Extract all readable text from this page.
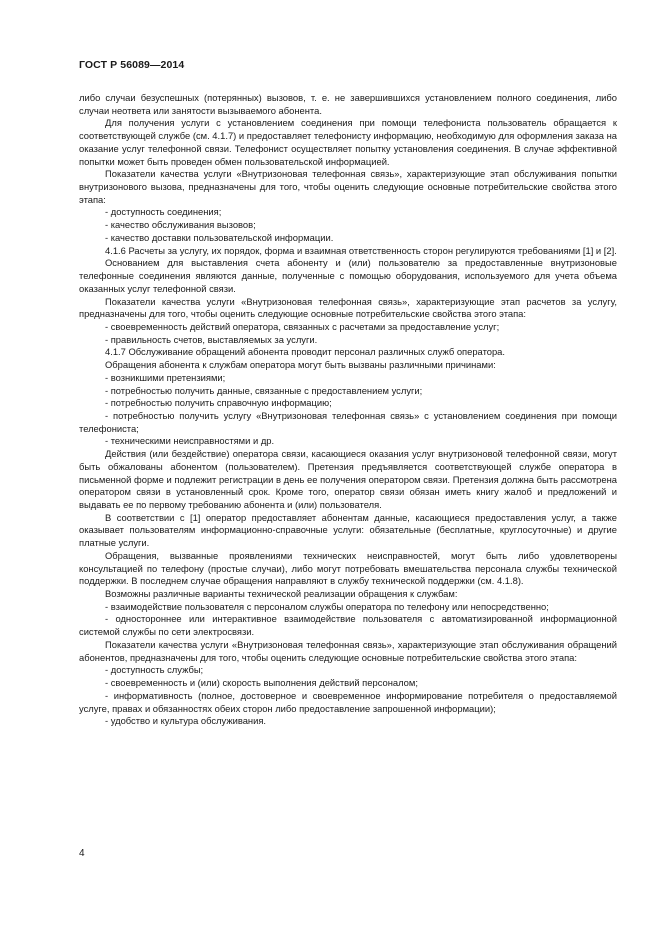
ГОСТ Р 56089—2014

либо случаи безуспешных (потерянных) вызовов, т. е. не завершившихся установлением полного соединения, либо случаи неответа или занятости вызываемого абонента.

Для получения услуги с установлением соединения при помощи телефониста пользователь обращается к соответствующей службе (см. 4.1.7) и предоставляет телефонисту информацию, необходимую для оформления заказа на оказание услуг телефонной связи. Телефонист осуществляет попытку установления соединения. В случае эффективной попытки может быть проведен обмен пользовательской информацией.

Показатели качества услуги «Внутризоновая телефонная связь», характеризующие этап обслуживания попытки внутризонового вызова, предназначены для того, чтобы оценить следующие основные потребительские свойства этого этапа:

- доступность соединения;

- качество обслуживания вызовов;

- качество доставки пользовательской информации.

4.1.6 Расчеты за услугу, их порядок, форма и взаимная ответственность сторон регулируются требованиями [1] и [2].

Основанием для выставления счета абоненту и (или) пользователю за предоставленные внутризоновые телефонные соединения являются данные, полученные с помощью оборудования, используемого для учета объема оказанных услуг телефонной связи.

Показатели качества услуги «Внутризоновая телефонная связь», характеризующие этап расчетов за услугу, предназначены для того, чтобы оценить следующие основные потребительские свойства этого этапа:

- своевременность действий оператора, связанных с расчетами за предоставление услуг;

- правильность счетов, выставляемых за услуги.

4.1.7 Обслуживание обращений абонента проводит персонал различных служб оператора.

Обращения абонента к службам оператора могут быть вызваны различными причинами:

- возникшими претензиями;

- потребностью получить данные, связанные с предоставлением услуги;

- потребностью получить справочную информацию;

- потребностью получить услугу «Внутризоновая телефонная связь» с установлением соединения при помощи телефониста;

- техническими неисправностями и др.

Действия (или бездействие) оператора связи, касающиеся оказания услуг внутризоновой телефонной связи, могут быть обжалованы абонентом (пользователем). Претензия предъявляется соответствующей службе оператора в письменной форме и подлежит регистрации в день ее получения оператором связи. Претензия должна быть рассмотрена оператором связи в установленный срок. Кроме того, оператор связи обязан иметь книгу жалоб и предложений и выдавать ее по первому требованию абонента и (или) пользователя.

В соответствии с [1] оператор предоставляет абонентам данные, касающиеся предоставления услуг, а также оказывает пользователям информационно-справочные услуги: обязательные (бесплатные, круглосуточные) и другие платные услуги.

Обращения, вызванные проявлениями технических неисправностей, могут быть либо удовлетворены консультацией по телефону (простые случаи), либо могут потребовать вмешательства персонала службы технической поддержки. В последнем случае обращения направляют в службу технической поддержки (см. 4.1.8).

Возможны различные варианты технической реализации обращения к службам:

- взаимодействие пользователя с персоналом службы оператора по телефону или непосредственно;

- одностороннее или интерактивное взаимодействие пользователя с автоматизированной информационной системой службы по сети электросвязи.

Показатели качества услуги «Внутризоновая телефонная связь», характеризующие этап обслуживания обращений абонентов, предназначены для того, чтобы оценить следующие основные потребительские свойства этого этапа:

- доступность службы;

- своевременность и (или) скорость выполнения действий персоналом;

- информативность (полное, достоверное и своевременное информирование потребителя о предоставляемой услуге, правах и обязанностях обеих сторон либо предоставление запрошенной информации);

- удобство и культура обслуживания.

4
